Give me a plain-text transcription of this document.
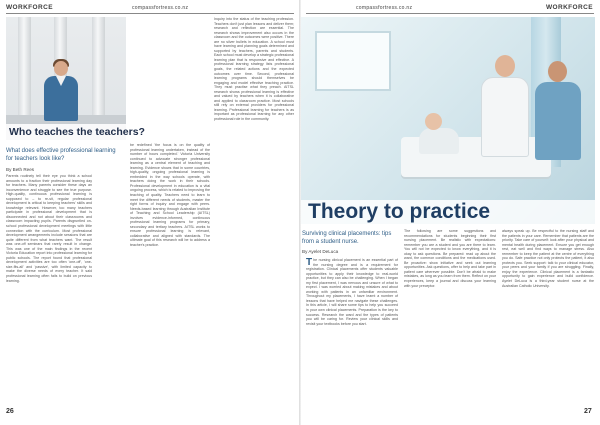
WORKFORCE	compassfortress.co.nz
Who teaches the teachers?
What does effective professional learning for teachers look like?
By Beth Rees
Parents routinely tell their eye you think a school amounts to a fraction their professional learning day for teachers. Many parents consider these days an inconvenience and struggle to see the true purpose. High-quality, continuous professional learning is supposed to – to re-sit, regular professional development is critical to keeping teachers' skills and knowledge relevant. However, too many teachers participate in professional development that is disconnected and not about their classrooms and classroom impacting pupils. Parents disgruntled on-school professional development meetings with little connection with the curriculum. Most professional development arrangements include sessions that are quite different from what teachers want. The result was one-off seminars that rarely result in change. This was one of the main findings in the recent Victoria Education report into professional learning for public schools. The report found that professional development activities are too often 'one-off', 'one-size-fits-all' and 'passive', with limited capacity to make the diverse needs of every teacher. It said professional learning often fails to build on previous learning.
be redefined 'the focus is on the quality of professional learning undertaken, instead of the number of hours completed.' Victoria University continued to advocate stronger professional learning as a central element of teaching and learning. Evidence shows that in some countries, high-quality, ongoing professional learning is embedded in the way schools operate, with teachers doing the work in their schools. Professional development in education is a vital ongoing process, which is related to improving the teaching of quality. Teachers need to learn to meet the different needs of students, master the right forms of inquiry and engage with peers. Needs-based learning through Australian Institute of Teaching and School Leadership (AITSL) involves evidence-informed, continuous professional learning programs for primary, secondary and tertiary teachers. AITSL works to ensure professional learning is relevant, collaborative and aligned with standards. The ultimate goal of this research will be to address a teacher's practice.
Inquiry into the status of the teaching profession. Teachers don't just plan lessons and deliver them; research and reflection are essential. The research shows improvement also occurs in the classroom and the outcomes were positive. There are no silver bullets in education. A school must have learning and planning goals determined and supported by teachers, parents and students. Each school must develop a strategic professional learning plan that is responsive and effective. A professional learning strategy lists professional goals, the related actions and the expected outcomes over time. Second, professional learning programs should themselves be engaging and model effective teaching practice. They must practise what they preach. AITSL research shows professional learning is effective and valued by teachers when it is collaborative and applied to classroom practice. Most schools still rely on external providers for professional learning. Professional learning for teachers is as important as professional learning for any other professional role in the community.
26
compassfortress.co.nz	WORKFORCE
Theory to practice
Surviving clinical placements: tips from a student nurse.
By Ayelet DeLuca
The nursing clinical placement is an essential part of the nursing degree and is a requirement for registration. Clinical placements offer students valuable opportunities to apply their knowledge to real-world practice, but they can also be challenging. When I began my first placement, I was nervous and unsure of what to expect. I was worried about making mistakes and about working with patients in an unfamiliar environment. Throughout my placements, I have learnt a number of lessons that have helped me navigate these challenges. In this article, I will share some tips to help you succeed in your own clinical placements. Preparation is the key to success. Research the ward and the types of patients you will be caring for. Review your clinical skills and revisit your textbooks before you start.
The following are some suggestions and recommendations for students beginning their first nursing placement. Be realistic with expectations: remember you are a student and you are there to learn. You will not be expected to know everything, and it is okay to ask questions. Be prepared: read up about the ward, the common conditions and the medications used. Be proactive: show initiative and seek out learning opportunities. Ask questions, offer to help and take part in patient care wherever possible. Don't be afraid to make mistakes, as long as you learn from them. Reflect on your experiences, keep a journal and discuss your learning with your preceptor.
always speak up. Be respectful to the nursing staff and the patients in your care. Remember that patients are the priority. Take care of yourself: look after your physical and mental health during placement. Ensure you get enough rest, eat well and find ways to manage stress. Also remember to keep the patient at the centre of everything you do. Safe practice not only protects the patient, it also protects you. Seek support: talk to your clinical educator, your peers and your family if you are struggling. Finally, enjoy the experience. Clinical placement is a fantastic opportunity to gain experience and build confidence. Ayelet DeLuca is a third-year student nurse at the Australian Catholic University.
27
